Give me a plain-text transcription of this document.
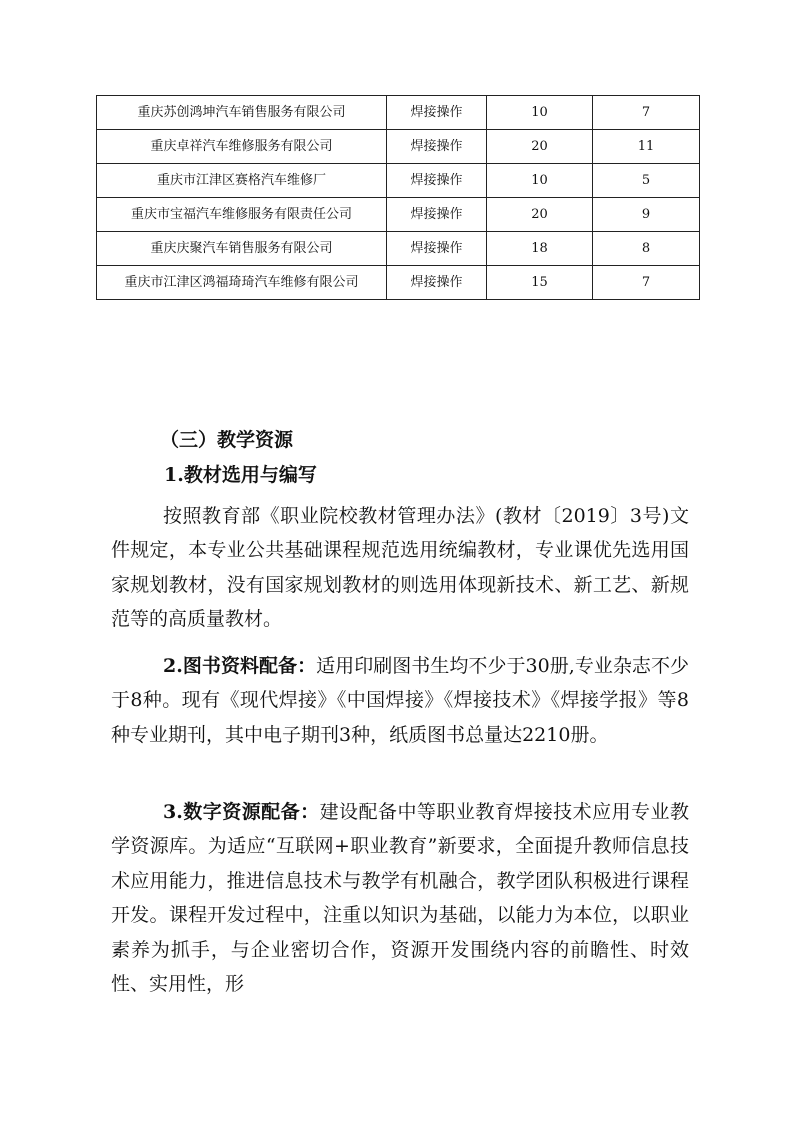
重庆苏创鸿坤汽车销售服务有限公司	焊接操作	10	7
重庆卓祥汽车维修服务有限公司	焊接操作	20	11
重庆市江津区赛格汽车维修厂	焊接操作	10	5
重庆市宝福汽车维修服务有限责任公司	焊接操作	20	9
重庆庆聚汽车销售服务有限公司	焊接操作	18	8
重庆市江津区鸿福琦琦汽车维修有限公司	焊接操作	15	7
（三）教学资源
1.教材选用与编写

按照教育部《职业院校教材管理办法》(教材〔2019〕3号)文件规定，本专业公共基础课程规范选用统编教材，专业课优先选用国家规划教材，没有国家规划教材的则选用体现新技术、新工艺、新规范等的高质量教材。

2.图书资料配备：适用印刷图书生均不少于30册,专业杂志不少于8种。现有《现代焊接》《中国焊接》《焊接技术》《焊接学报》等8种专业期刊，其中电子期刊3种，纸质图书总量达2210册。

3.数字资源配备：建设配备中等职业教育焊接技术应用专业教学资源库。为适应“互联网+职业教育”新要求，全面提升教师信息技术应用能力，推进信息技术与教学有机融合，教学团队积极进行课程开发。课程开发过程中，注重以知识为基础，以能力为本位，以职业素养为抓手，与企业密切合作，资源开发围绕内容的前瞻性、时效性、实用性，形
